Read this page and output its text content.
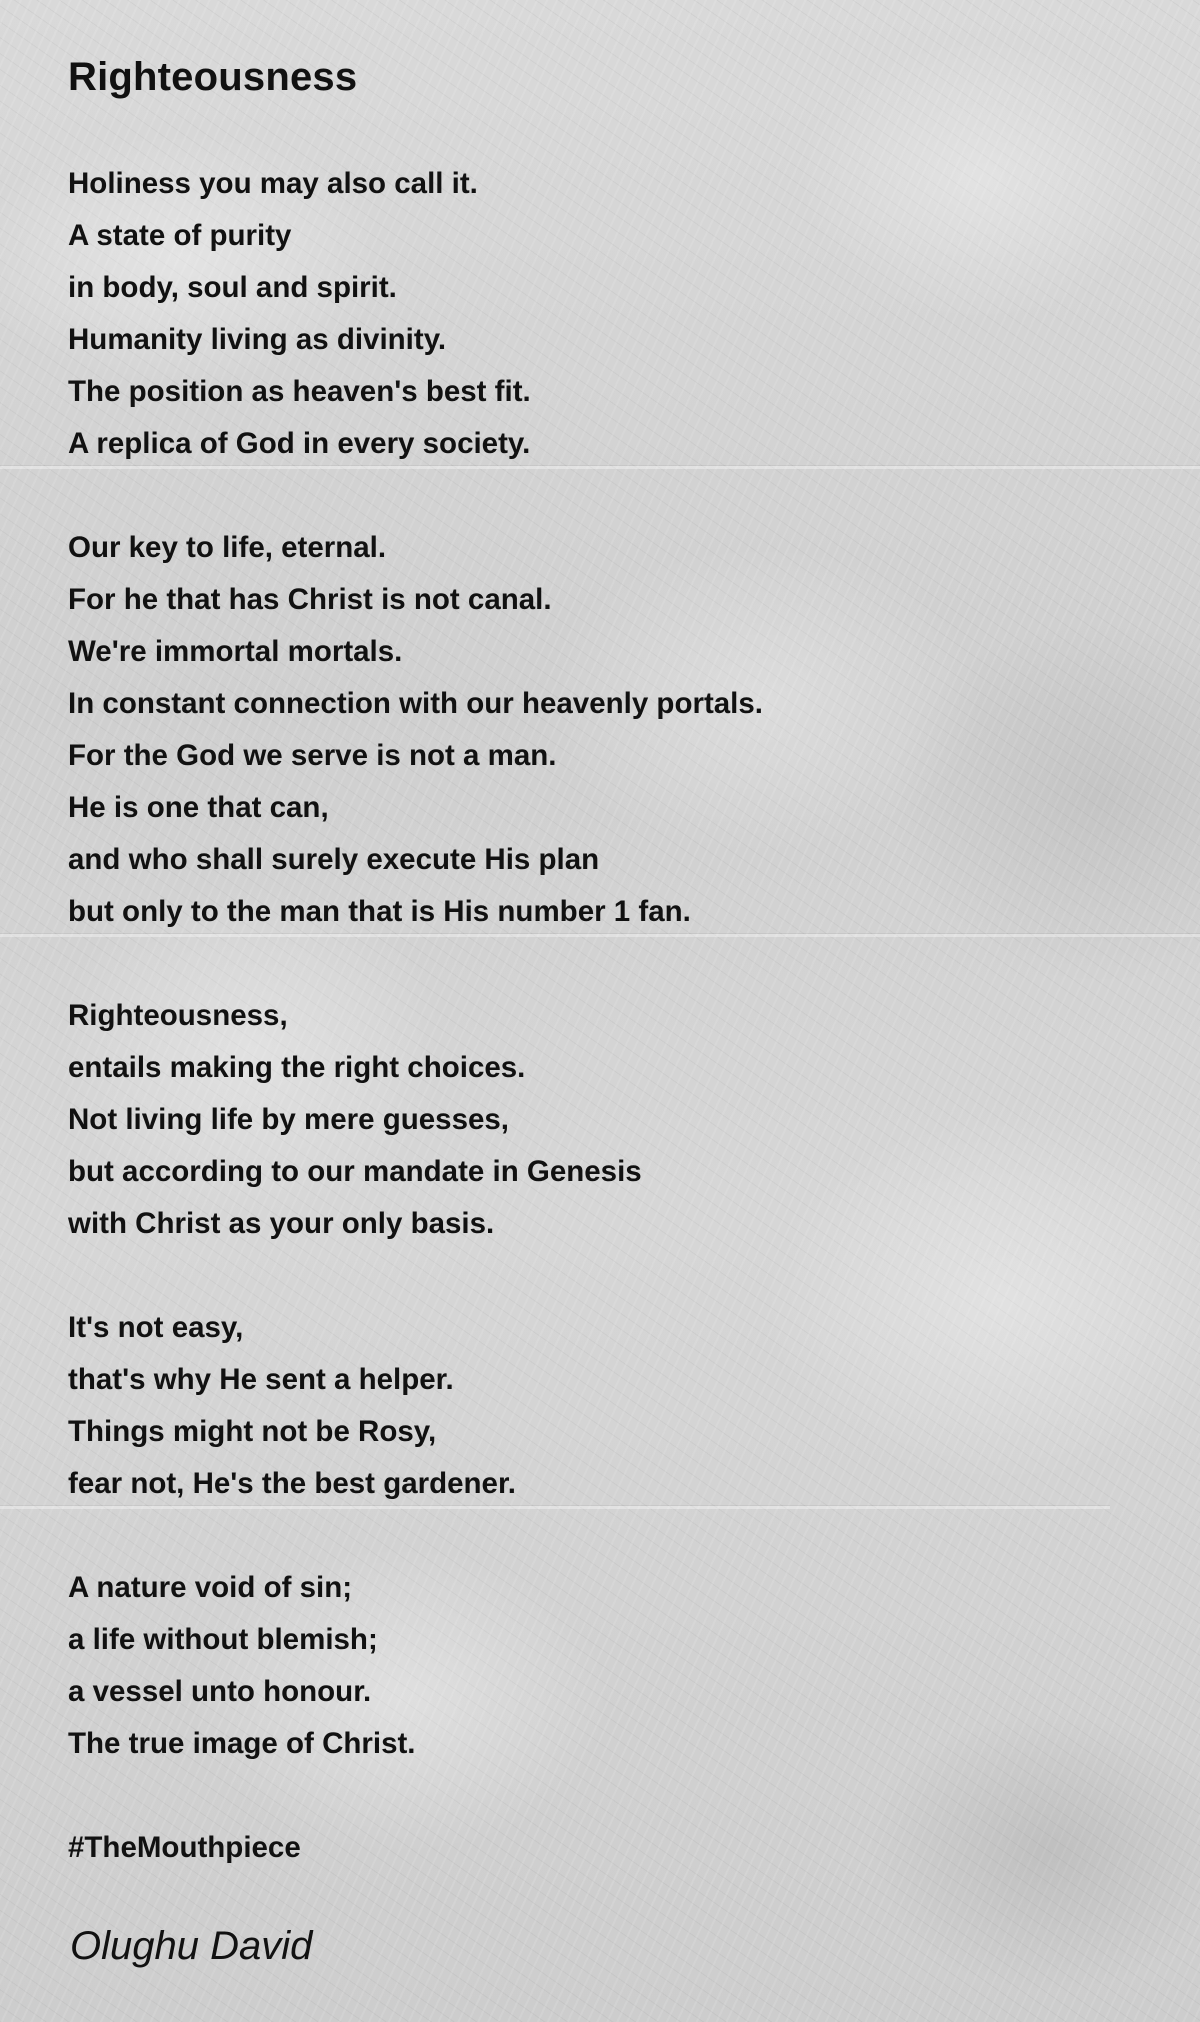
Righteousness
Holiness you may also call it.
A state of purity
in body, soul and spirit.
Humanity living as divinity.
The position as heaven's best fit.
A replica of God in every society.
Our key to life, eternal.
For he that has Christ is not canal.
We're immortal mortals.
In constant connection with our heavenly portals.
For the God we serve is not a man.
He is one that can,
and who shall surely execute His plan
but only to the man that is His number 1 fan.
Righteousness,
entails making the right choices.
Not living life by mere guesses,
but according to our mandate in Genesis
with Christ as your only basis.
It's not easy,
that's why He sent a helper.
Things might not be Rosy,
fear not, He's the best gardener.
A nature void of sin;
a life without blemish;
a vessel unto honour.
The true image of Christ.
#TheMouthpiece
Olughu David
